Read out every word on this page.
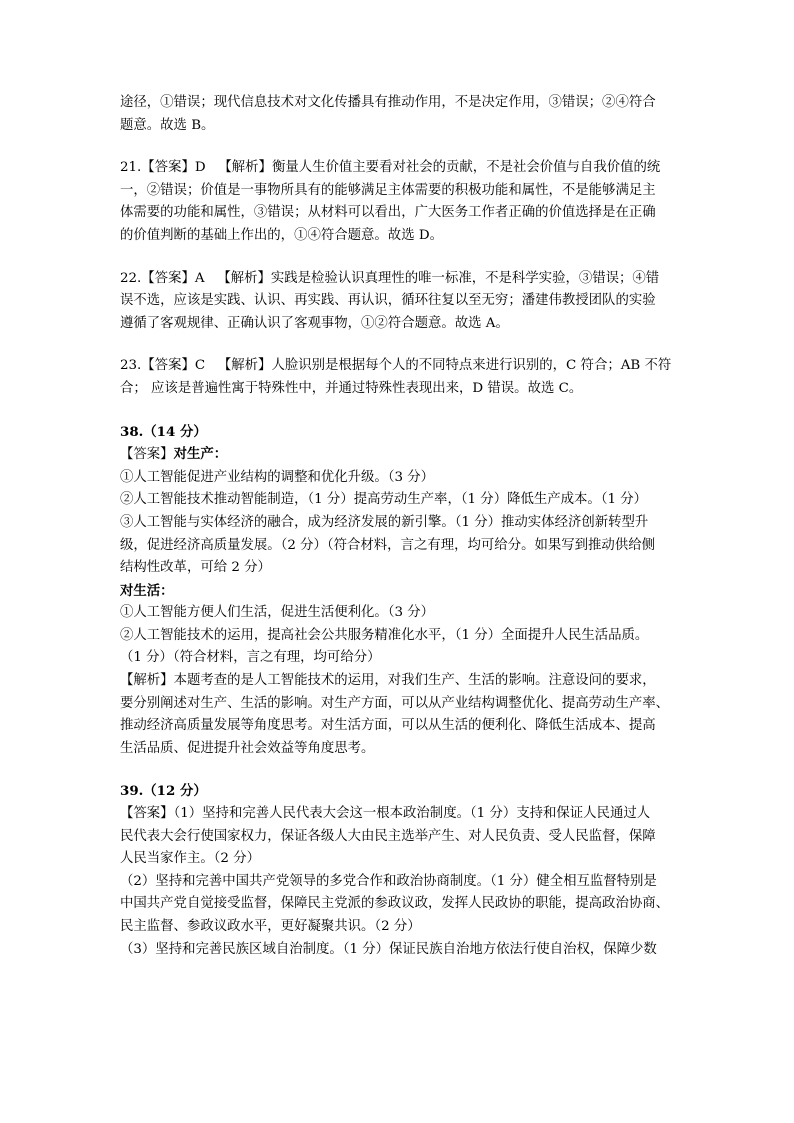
途径，①错误；现代信息技术对文化传播具有推动作用，不是决定作用，③错误；②④符合

题意。故选 B。

21.【答案】D 【解析】衡量人生价值主要看对社会的贡献，不是社会价值与自我价值的统

一，②错误；价值是一事物所具有的能够满足主体需要的积极功能和属性，不是能够满足主

体需要的功能和属性，③错误；从材料可以看出，广大医务工作者正确的价值选择是在正确

的价值判断的基础上作出的，①④符合题意。故选 D。

22.【答案】A 【解析】实践是检验认识真理性的唯一标准，不是科学实验，③错误；④错

误不选，应该是实践、认识、再实践、再认识，循环往复以至无穷；潘建伟教授团队的实验

遵循了客观规律、正确认识了客观事物，①②符合题意。故选 A。

23.【答案】C 【解析】人脸识别是根据每个人的不同特点来进行识别的，C 符合；AB 不符

合； 应该是普遍性寓于特殊性中，并通过特殊性表现出来，D 错误。故选 C。

38.（14 分）

【答案】对生产：

①人工智能促进产业结构的调整和优化升级。（3 分）

②人工智能技术推动智能制造，（1 分）提高劳动生产率，（1 分）降低生产成本。（1 分）

③人工智能与实体经济的融合，成为经济发展的新引擎。（1 分）推动实体经济创新转型升

级，促进经济高质量发展。（2 分）（符合材料，言之有理，均可给分。如果写到推动供给侧

结构性改革，可给 2 分）

对生活：

①人工智能方便人们生活，促进生活便利化。（3 分）

②人工智能技术的运用，提高社会公共服务精准化水平，（1 分）全面提升人民生活品质。

（1 分）（符合材料，言之有理，均可给分）

【解析】本题考查的是人工智能技术的运用，对我们生产、生活的影响。注意设问的要求，

要分别阐述对生产、生活的影响。对生产方面，可以从产业结构调整优化、提高劳动生产率、

推动经济高质量发展等角度思考。对生活方面，可以从生活的便利化、降低生活成本、提高

生活品质、促进提升社会效益等角度思考。

39.（12 分）

【答案】（1）坚持和完善人民代表大会这一根本政治制度。（1 分）支持和保证人民通过人

民代表大会行使国家权力，保证各级人大由民主选举产生、对人民负责、受人民监督，保障

人民当家作主。（2 分）

（2）坚持和完善中国共产党领导的多党合作和政治协商制度。（1 分）健全相互监督特别是

中国共产党自觉接受监督，保障民主党派的参政议政，发挥人民政协的职能，提高政治协商、

民主监督、参政议政水平，更好凝聚共识。（2 分）

（3）坚持和完善民族区域自治制度。（1 分）保证民族自治地方依法行使自治权，保障少数
